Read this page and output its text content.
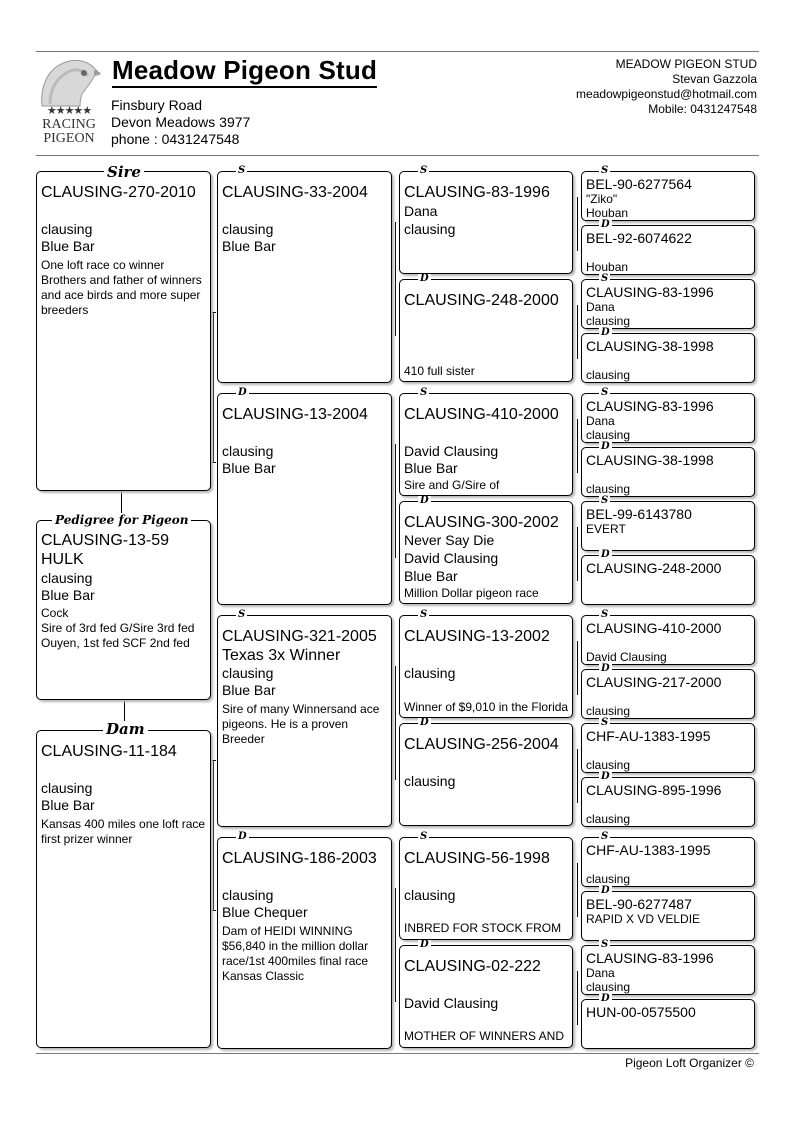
★★★★★
RACING
PIGEON
Meadow Pigeon Stud
Finsbury Road
Devon Meadows 3977
phone : 0431247548
MEADOW PIGEON STUD
Stevan Gazzola
meadowpigeonstud@hotmail.com
Mobile: 0431247548
CLAUSING-270-2010
clausing
Blue Bar
One loft race co winner Brothers and father of winners and ace birds and more super breeders
Sire
CLAUSING-13-59
HULK
clausing
Blue Bar
Cock
Sire of 3rd fed G/Sire 3rd fed Ouyen, 1st fed SCF 2nd fed
Pedigree for Pigeon
CLAUSING-11-184
clausing
Blue Bar
Kansas 400 miles one loft race first prizer winner
Dam
CLAUSING-33-2004
clausing
Blue Bar
S
CLAUSING-13-2004
clausing
Blue Bar
D
CLAUSING-321-2005
Texas 3x Winner
clausing
Blue Bar
Sire of many Winnersand ace pigeons. He is a proven Breeder
S
CLAUSING-186-2003
clausing
Blue Chequer
Dam of HEIDI WINNING $56,840 in the million dollar race/1st 400miles final race Kansas Classic
D
CLAUSING-83-1996
Dana
clausing
S
CLAUSING-248-2000
410 full sister
D
CLAUSING-410-2000
David Clausing
Blue Bar
Sire and G/Sire of
S
CLAUSING-300-2002
Never Say Die
David Clausing
Blue Bar
Million Dollar pigeon race
D
CLAUSING-13-2002
clausing
Winner of $9,010 in the Florida
S
CLAUSING-256-2004
clausing
D
CLAUSING-56-1998
clausing
INBRED FOR STOCK FROM
S
CLAUSING-02-222
David Clausing
MOTHER OF WINNERS AND
D
BEL-90-6277564
"Ziko"
Houban
S
BEL-92-6074622
Houban
D
CLAUSING-83-1996
Dana
clausing
S
CLAUSING-38-1998
clausing
D
CLAUSING-83-1996
Dana
clausing
S
CLAUSING-38-1998
clausing
D
BEL-99-6143780
EVERT
S
CLAUSING-248-2000
D
CLAUSING-410-2000
David Clausing
S
CLAUSING-217-2000
clausing
D
CHF-AU-1383-1995
clausing
S
CLAUSING-895-1996
clausing
D
CHF-AU-1383-1995
clausing
S
BEL-90-6277487
RAPID X VD VELDIE
D
CLAUSING-83-1996
Dana
clausing
S
HUN-00-0575500
D
Pigeon Loft Organizer ©
